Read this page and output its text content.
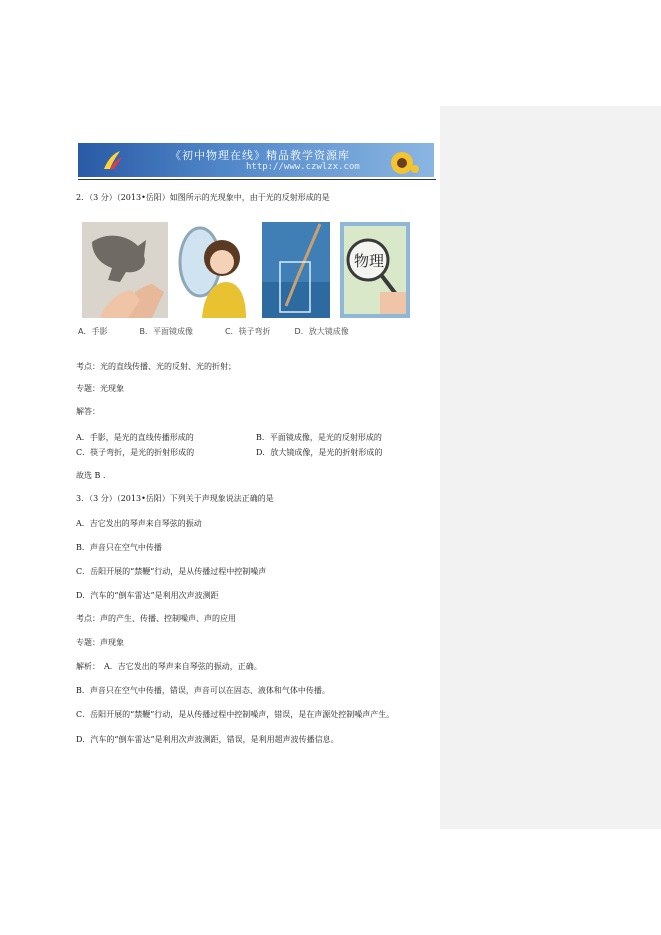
《初中物理在线》精品教学资源库
http://www.czwlzx.com
2．（3 分）（2013•岳阳）如图所示的光现象中，由于光的反射形成的是
物理
A．手影　　　　B．平面镜成像　　　　C．筷子弯折　　　D．放大镜成像
考点：光的直线传播、光的反射、光的折射；
专题：光现象
解答：
A．手影，是光的直线传播形成的	B．平面镜成像，是光的反射形成的
C．筷子弯折，是光的折射形成的	D．放大镜成像，是光的折射形成的
故选 B ．
3．（3 分）（2013•岳阳）下列关于声现象说法正确的是
A．吉它发出的琴声来自琴弦的振动
B．声音只在空气中传播
C．岳阳开展的“禁鞭”行动，是从传播过程中控制噪声
D．汽车的“倒车雷达”是利用次声波测距
考点：声的产生、传播、控制噪声、声的应用
专题：声现象
解析：　A．吉它发出的琴声来自琴弦的振动，正确。
B．声音只在空气中传播，错误，声音可以在固态、液体和气体中传播。
C．岳阳开展的“禁鞭”行动，是从传播过程中控制噪声，错误，是在声源处控制噪声产生。
D．汽车的“倒车雷达”是利用次声波测距，错误，是利用超声波传播信息。
